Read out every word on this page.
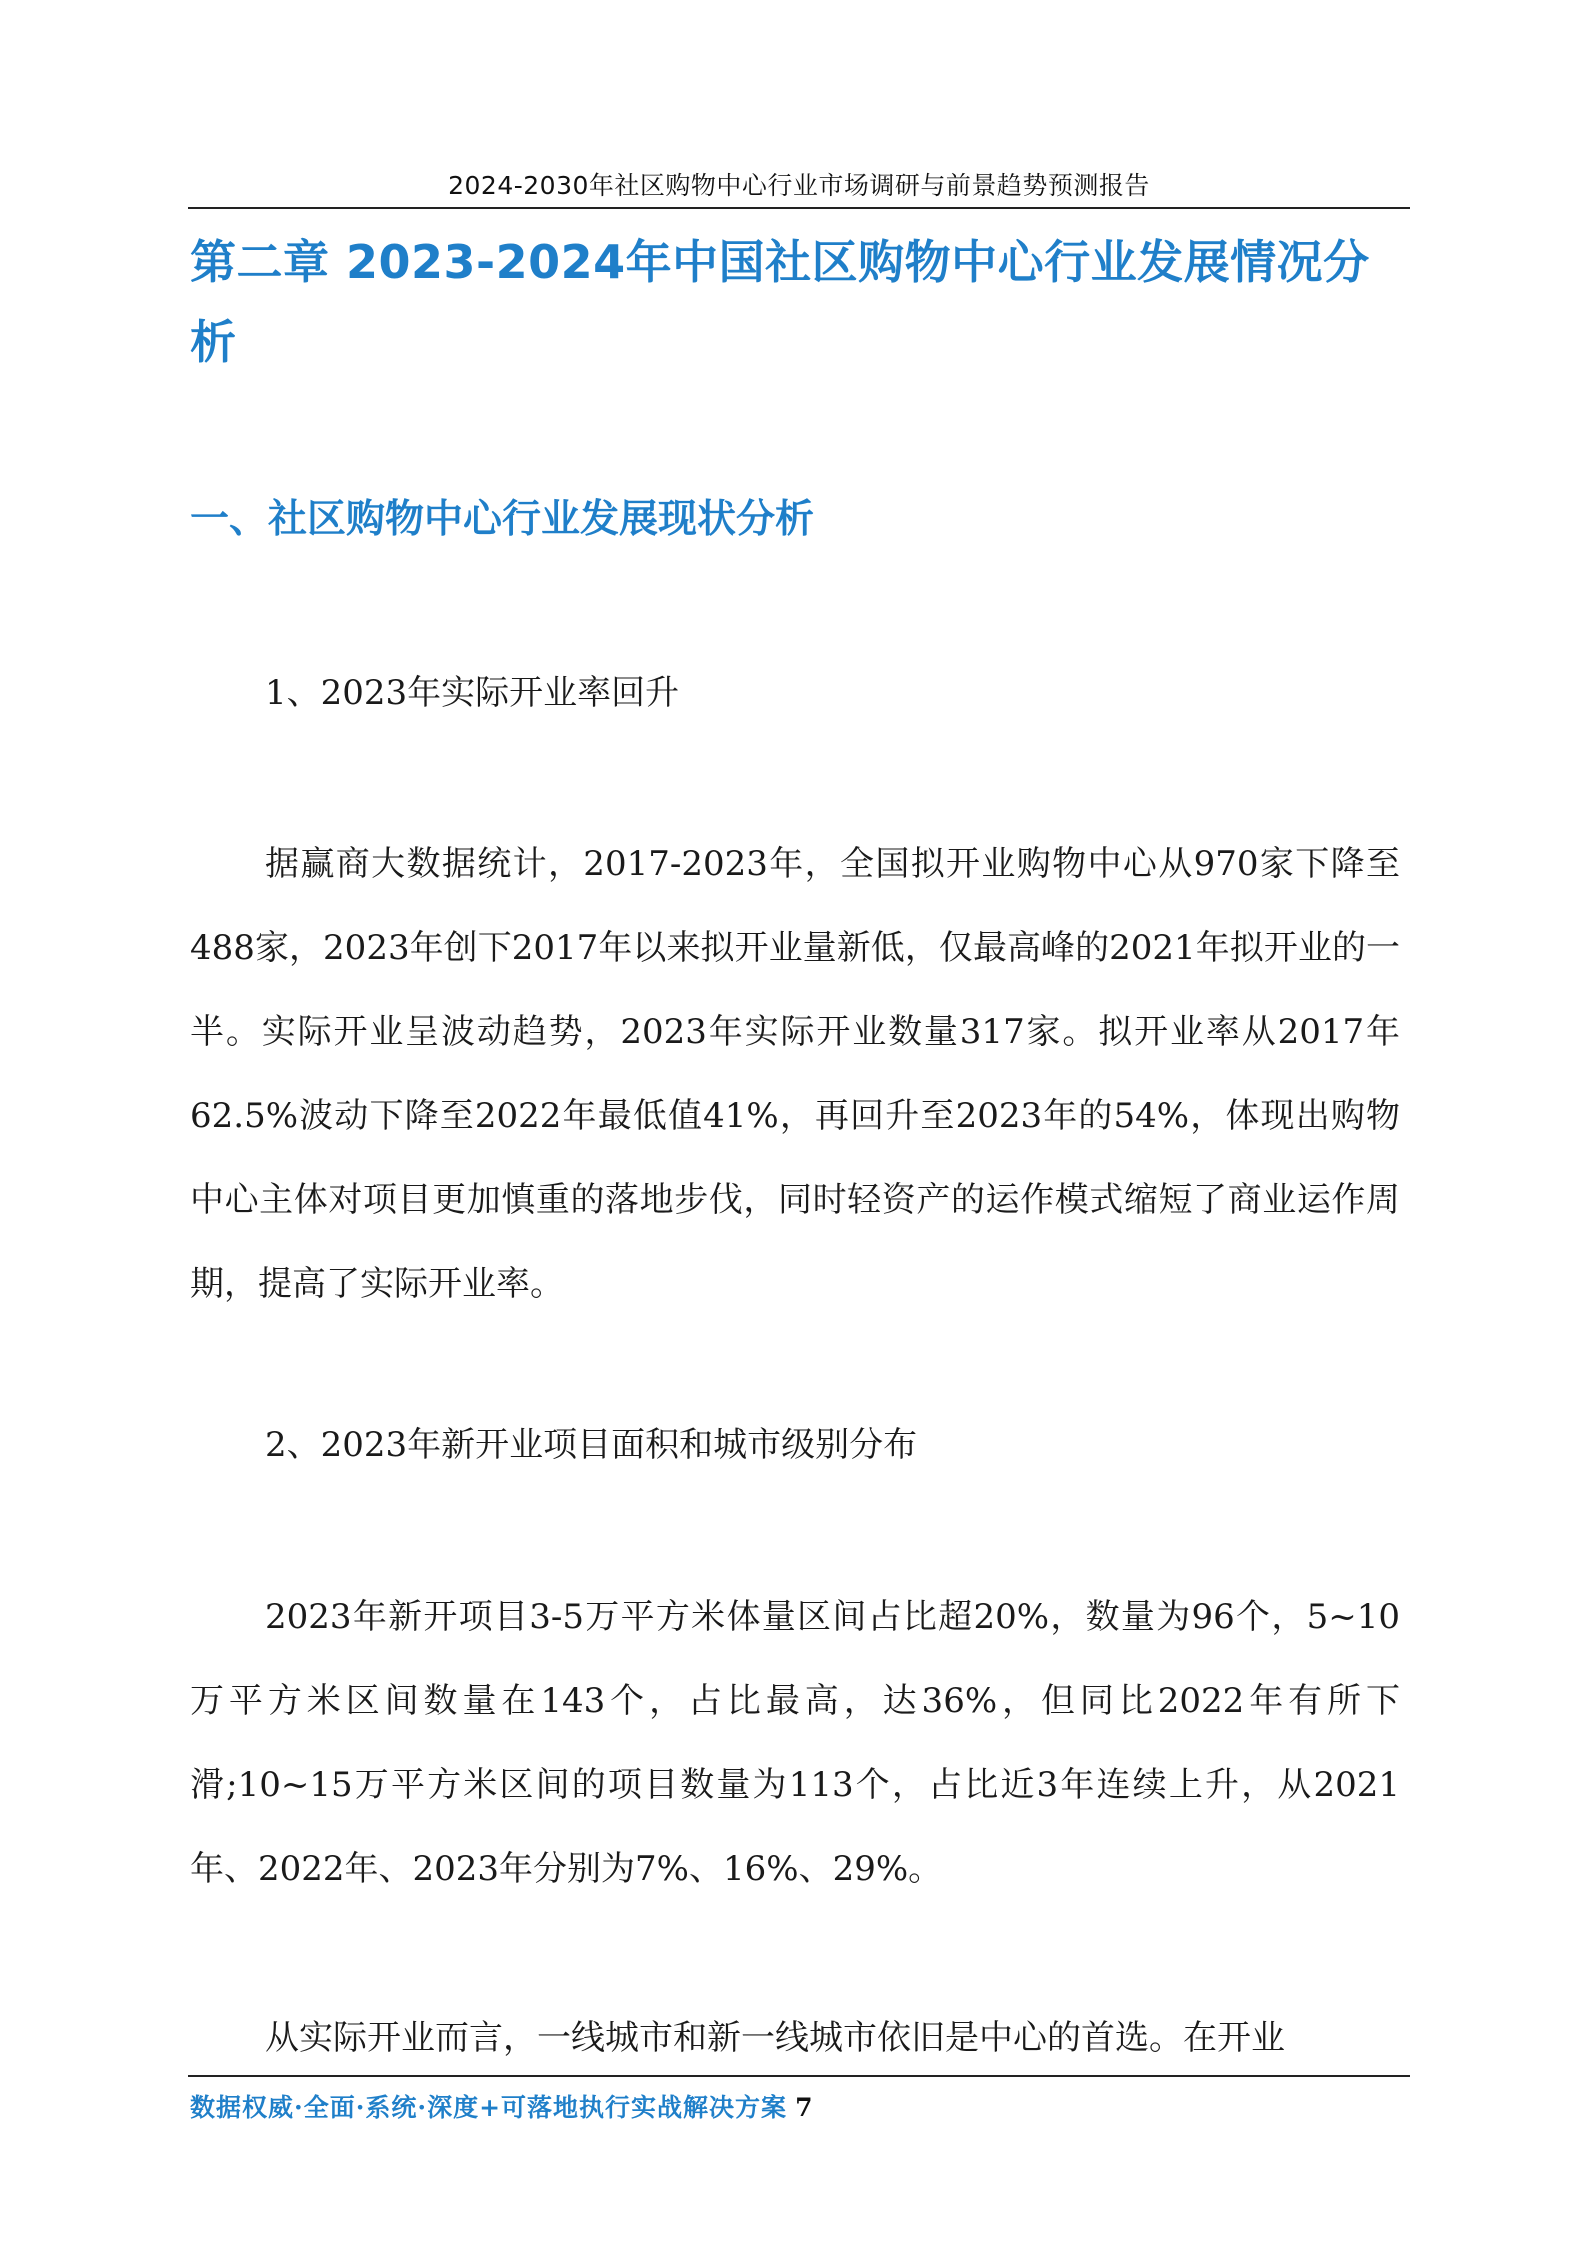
2024-2030年社区购物中心行业市场调研与前景趋势预测报告
第二章 2023-2024年中国社区购物中心行业发展情况分析
一、社区购物中心行业发展现状分析

1、2023年实际开业率回升

据赢商大数据统计，2017-2023年，全国拟开业购物中心从970家下降至488家，2023年创下2017年以来拟开业量新低，仅最高峰的2021年拟开业的一半。实际开业呈波动趋势，2023年实际开业数量317家。拟开业率从2017年62.5%波动下降至2022年最低值41%，再回升至2023年的54%，体现出购物中心主体对项目更加慎重的落地步伐，同时轻资产的运作模式缩短了商业运作周期，提高了实际开业率。

2、2023年新开业项目面积和城市级别分布

2023年新开项目3-5万平方米体量区间占比超20%，数量为96个，5~10万平方米区间数量在143个，占比最高，达36%，但同比2022年有所下滑;10~15万平方米区间的项目数量为113个，占比近3年连续上升，从2021年、2022年、2023年分别为7%、16%、29%。

从实际开业而言，一线城市和新一线城市依旧是中心的首选。在开业

数据权威·全面·系统·深度+可落地执行实战解决方案 7
